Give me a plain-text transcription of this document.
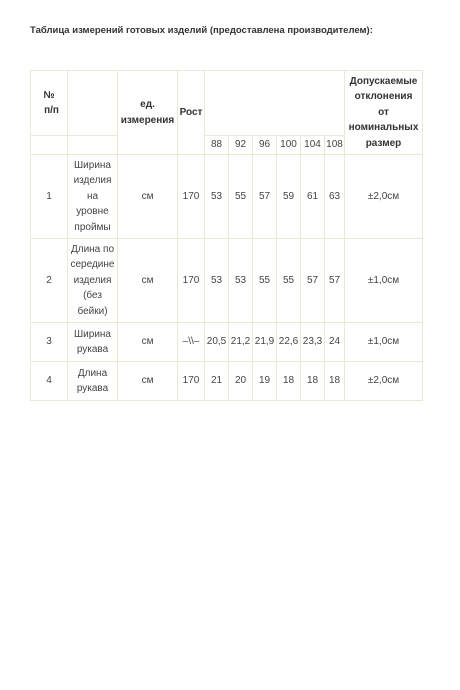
Таблица измерений готовых изделий (предоставлена производителем):
№
п/п		ед.
измерения	Рост							Допускаемые
отклонения
от
номинальных
размер
				88	92	96	100	104	108	
1	Ширина
изделия
на
уровне
проймы	см	170	53	55	57	59	61	63	±2,0см
2	Длина по
середине
изделия
(без
бейки)	см	170	53	53	55	55	57	57	±1,0см
3	Ширина
рукава	см	–\\–	20,5	21,2	21,9	22,6	23,3	24	±1,0см
4	Длина
рукава	см	170	21	20	19	18	18	18	±2,0см
